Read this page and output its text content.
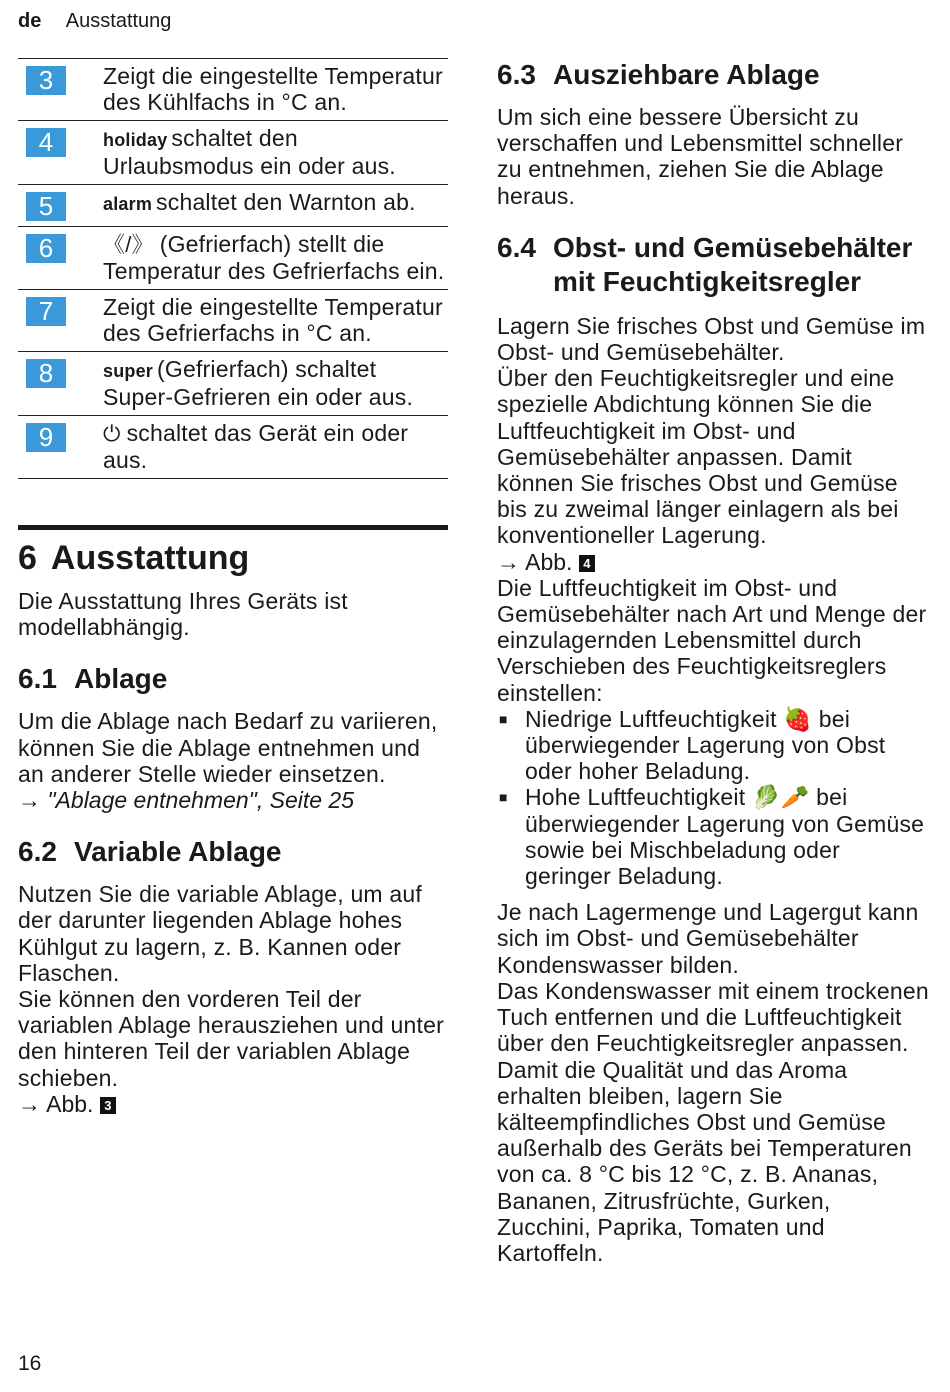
de Ausstattung
3	Zeigt die eingestellte Temperatur des Kühlfachs in °C an.
4	holiday schaltet den Urlaubsmodus ein oder aus.
5	alarm schaltet den Warnton ab.
6	《/》 (Gefrierfach) stellt die Temperatur des Gefrierfachs ein.
7	Zeigt die eingestellte Temperatur des Gefrierfachs in °C an.
8	super (Gefrierfach) schaltet Super-Gefrieren ein oder aus.
9	⏻ schaltet das Gerät ein oder aus.
6 Ausstattung

Die Ausstattung Ihres Geräts ist modellabhängig.

6.1 Ablage

Um die Ablage nach Bedarf zu variieren, können Sie die Ablage entnehmen und an anderer Stelle wieder einsetzen.

→ "Ablage entnehmen", Seite 25
6.2 Variable Ablage

Nutzen Sie die variable Ablage, um auf der darunter liegenden Ablage hohes Kühlgut zu lagern, z. B. Kannen oder Flaschen.

Sie können den vorderen Teil der variablen Ablage herausziehen und unter den hinteren Teil der variablen Ablage schieben.

→ Abb. 3
6.3 Ausziehbare Ablage

Um sich eine bessere Übersicht zu verschaffen und Lebensmittel schneller zu entnehmen, ziehen Sie die Ablage heraus.

6.4 Obst- und Gemüsebehälter mit Feuchtigkeitsregler

Lagern Sie frisches Obst und Gemüse im Obst- und Gemüsebehälter.

Über den Feuchtigkeitsregler und eine spezielle Abdichtung können Sie die Luftfeuchtigkeit im Obst- und Gemüsebehälter anpassen. Damit können Sie frisches Obst und Gemüse bis zu zweimal länger einlagern als bei konventioneller Lagerung.

→ Abb. 4

Die Luftfeuchtigkeit im Obst- und Gemüsebehälter nach Art und Menge der einzulagernden Lebensmittel durch Verschieben des Feuchtigkeitsreglers einstellen:

■ Niedrige Luftfeuchtigkeit 🍓 bei überwiegender Lagerung von Obst oder hoher Beladung.
■ Hohe Luftfeuchtigkeit 🥬🥕 bei überwiegender Lagerung von Gemüse sowie bei Mischbeladung oder geringer Beladung.

Je nach Lagermenge und Lagergut kann sich im Obst- und Gemüsebehälter Kondenswasser bilden.

Das Kondenswasser mit einem trockenen Tuch entfernen und die Luftfeuchtigkeit über den Feuchtigkeitsregler anpassen.

Damit die Qualität und das Aroma erhalten bleiben, lagern Sie kälteempfindliches Obst und Gemüse außerhalb des Geräts bei Temperaturen von ca. 8 °C bis 12 °C, z. B. Ananas, Bananen, Zitrusfrüchte, Gurken, Zucchini, Paprika, Tomaten und Kartoffeln.

16
